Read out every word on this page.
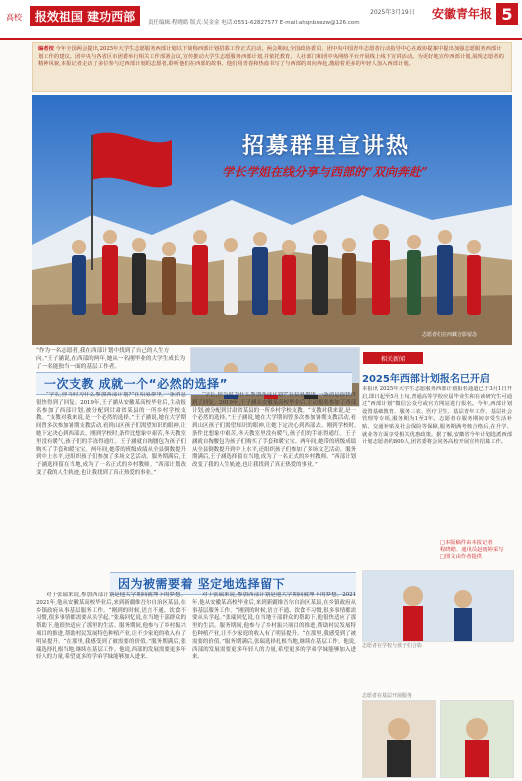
高校	报效祖国 建功西部	责任编辑:程晓皓 版式:吴金金 电话:0551-62827577 E-mail:ahqnbxezw@126.com
2025年3月19日 安徽青年报 5
编者按 今年全国两会提出,2025年大学生志愿服务西部计划以下简称西部计划招募工作正式启动。两会期间,全国政协委员、团中央中国青年志愿者行动指导中心在政协提案中提出加强志愿服务西部计划工作的建议。团中央与各省区市团委举行相关工作部署会议,宣传推动大学生志愿服务西部计划,并依托教育、人社部门和团中央网络平台开展线上线下宣讲活动。为更好地宣传西部计划,展现志愿者的精神风貌,本报记者走访了多位参与过西部计划的志愿者,聆听他们在西部的故事。他们用青春和热血书写了与西部的双向奔赴,激励着更多的年轻人加入西部计划。
招募群里宣讲热
学长学姐在线分享与西部的“双向奔赴”
志愿者们在西藏合影留念
“作为一名志愿者,我在西部计划中找到了自己的人生方向。”王子涵说,在西部的两年,她从一名刚毕业的大学生成长为了一名能独当一面的基层工作者。
一次支教 成就一个“必然的选择”

“学长,你当时为什么参加西部计划?”在招募群里,一条消息很快得到了回复。2019年,王子涵从安徽某高校毕业后,主动报名参加了西部计划,被分配到甘肃省某县的一所乡村学校支教。“支教对我来说,是一个必然的选择。”王子涵说,她在大学期间曾多次参加暑期支教活动,看到山区孩子们渴望知识的眼神,让她下定决心到西部去。刚到学校时,条件比想象中艰苦,冬天教室里没有暖气,孩子们的手冻得通红。王子涵就自掏腰包为孩子们购买了手套和暖宝宝。两年间,她带的班级成绩从全县倒数提升到中上水平,还组织孩子们参加了多场文艺活动。服务期满后,王子涵选择留在当地,成为了一名正式的乡村教师。“西部计划改变了我的人生轨迹,也让我找到了真正热爱的事业。”

“学长,你当时为什么参加西部计划?”在招募群里,一条消息很快得到了回复。2019年,王子涵从安徽某高校毕业后,主动报名参加了西部计划,被分配到甘肃省某县的一所乡村学校支教。“支教对我来说,是一个必然的选择。”王子涵说,她在大学期间曾多次参加暑期支教活动,看到山区孩子们渴望知识的眼神,让她下定决心到西部去。刚到学校时,条件比想象中艰苦,冬天教室里没有暖气,孩子们的手冻得通红。王子涵就自掏腰包为孩子们购买了手套和暖宝宝。两年间,她带的班级成绩从全县倒数提升到中上水平,还组织孩子们参加了多场文艺活动。服务期满后,王子涵选择留在当地,成为了一名正式的乡村教师。“西部计划改变了我的人生轨迹,也让我找到了真正热爱的事业。”

相关新闻
2025年西部计划报名已开启
本报讯 2025年大学生志愿服务西部计划报名通道已于3月1日开启,即日起至5月上旬,普通高等学校应届毕业生和在读研究生可通过“西部计划”微信公众号或官方网站进行报名。今年,西部计划设置基础教育、服务三农、医疗卫生、基层青年工作、基层社会管理等专项,服务期为1至3年。志愿者在服务期间享受生活补贴、交通补贴及社会保险等保障,服务期满考核合格后,在升学、就业等方面享受相关优惠政策。据了解,安徽省今年计划选派西部计划志愿者约800人,团省委将会同各高校开展宣传招募工作。
□本版稿件由本报记者
程晓皓、通讯员赵雨婷采写
□图文由作者提供
因为被需要着 坚定地选择留下

对于张瑞来说,参加西部计划是他大学期间就埋下的梦想。2021年,他从安徽某高校毕业后,来到新疆维吾尔自治区某县,在乡镇政府从事基层服务工作。“刚到的时候,语言不通、饮食不习惯,很多事情都需要从头学起。”张瑞回忆说,在当地干部群众的帮助下,他很快适应了那里的生活。服务期间,他参与了乡村振兴项目的推进,帮助村民发展特色种植产业,让不少家庭的收入有了明显提升。“在那里,我感受到了被需要的价值。”服务期满后,张瑞选择扎根当地,继续在基层工作。他说,西部的发展需要更多年轻人的力量,希望更多的学弟学妹能够加入进来。

对于张瑞来说,参加西部计划是他大学期间就埋下的梦想。2021年,他从安徽某高校毕业后,来到新疆维吾尔自治区某县,在乡镇政府从事基层服务工作。“刚到的时候,语言不通、饮食不习惯,很多事情都需要从头学起。”张瑞回忆说,在当地干部群众的帮助下,他很快适应了那里的生活。服务期间,他参与了乡村振兴项目的推进,帮助村民发展特色种植产业,让不少家庭的收入有了明显提升。“在那里,我感受到了被需要的价值。”服务期满后,张瑞选择扎根当地,继续在基层工作。他说,西部的发展需要更多年轻人的力量,希望更多的学弟学妹能够加入进来。

志愿者在学校与孩子们合影
志愿者在基层开展服务
